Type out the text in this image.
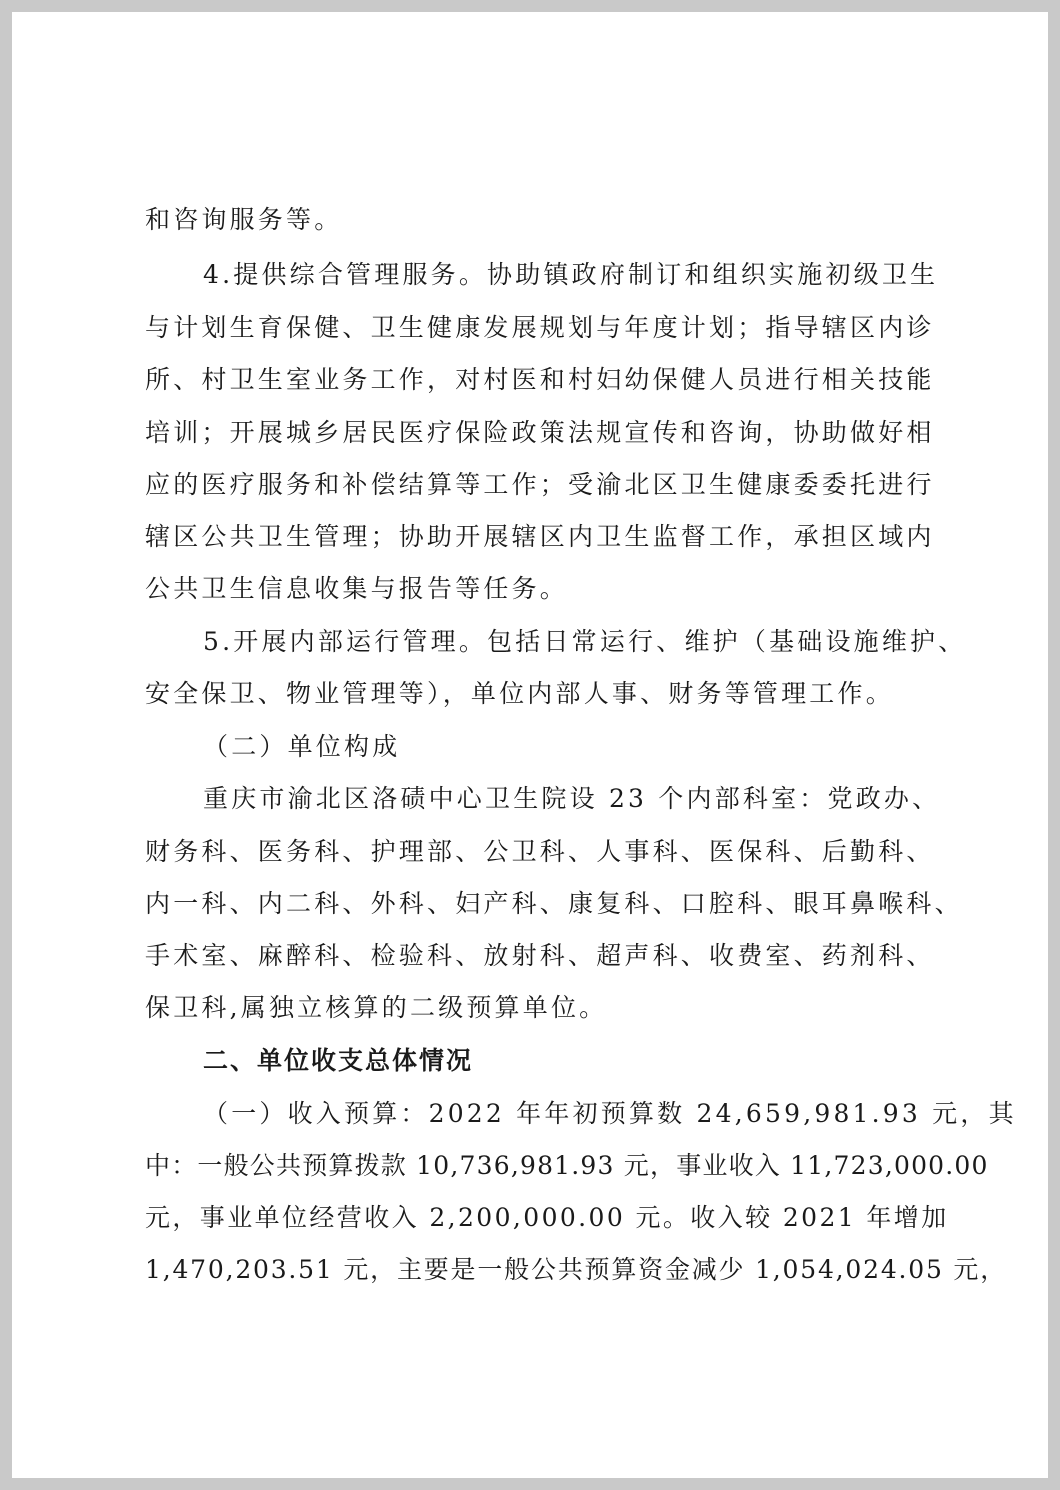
和咨询服务等。
4.提供综合管理服务。协助镇政府制订和组织实施初级卫生
与计划生育保健、卫生健康发展规划与年度计划；指导辖区内诊
所、村卫生室业务工作，对村医和村妇幼保健人员进行相关技能
培训；开展城乡居民医疗保险政策法规宣传和咨询，协助做好相
应的医疗服务和补偿结算等工作；受渝北区卫生健康委委托进行
辖区公共卫生管理；协助开展辖区内卫生监督工作，承担区域内
公共卫生信息收集与报告等任务。
5.开展内部运行管理。包括日常运行、维护（基础设施维护、
安全保卫、物业管理等），单位内部人事、财务等管理工作。
（二）单位构成
重庆市渝北区洛碛中心卫生院设 23 个内部科室：党政办、
财务科、医务科、护理部、公卫科、人事科、医保科、后勤科、
内一科、内二科、外科、妇产科、康复科、口腔科、眼耳鼻喉科、
手术室、麻醉科、检验科、放射科、超声科、收费室、药剂科、
保卫科,属独立核算的二级预算单位。
二、单位收支总体情况
（一）收入预算：2022 年年初预算数 24,659,981.93 元，其
中：一般公共预算拨款 10,736,981.93 元，事业收入 11,723,000.00
元，事业单位经营收入 2,200,000.00 元。收入较 2021 年增加
1,470,203.51 元，主要是一般公共预算资金减少 1,054,024.05 元，
